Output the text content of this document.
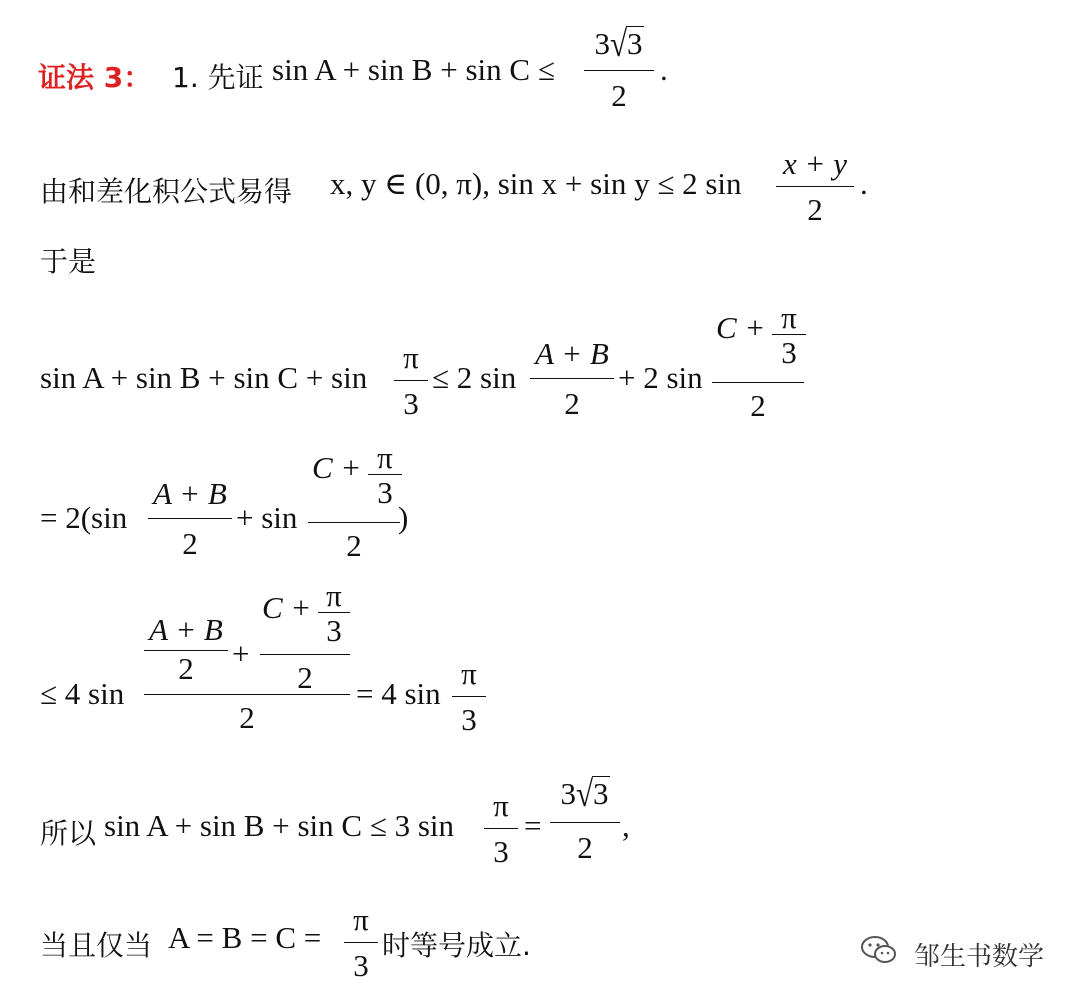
证法 3： 1. 先证 sin A + sin B + sin C ≤
3√3
2
.
由和差化积公式易得 x, y ∈ (0, π), sin x + sin y ≤ 2 sin
x + y
2
.
于是
sin A + sin B + sin C + sin
π
3
≤ 2 sin
A + B
2
+ 2 sin
C + π
3
2
= 2(sin
A + B
2
+ sin
C + π
3
2
)
≤ 4 sin
A + B
2	+
C + π
3
2
2
= 4 sin
π
3
所以 sin A + sin B + sin C ≤ 3 sin
π
3
=
3√3
2
,
当且仅当 A = B = C =
π
3
时等号成立.	邹生书数学
